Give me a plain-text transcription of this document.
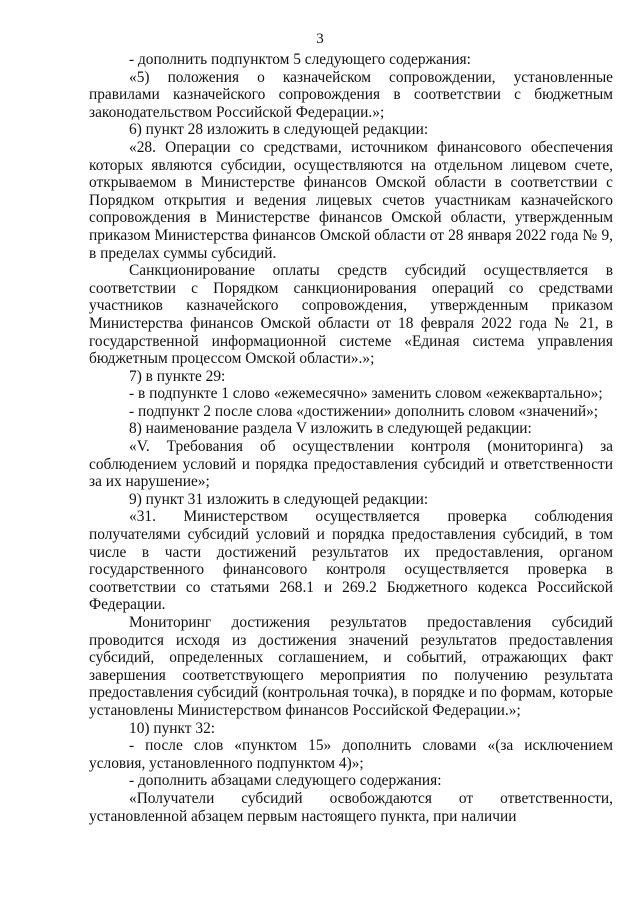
3

- дополнить подпунктом 5 следующего содержания:

«5) положения о казначейском сопровождении, установленные правилами казначейского сопровождения в соответствии с бюджетным законодательством Российской Федерации.»;

6) пункт 28 изложить в следующей редакции:

«28. Операции со средствами, источником финансового обеспечения которых являются субсидии, осуществляются на отдельном лицевом счете, открываемом в Министерстве финансов Омской области в соответствии с Порядком открытия и ведения лицевых счетов участникам казначейского сопровождения в Министерстве финансов Омской области, утвержденным приказом Министерства финансов Омской области от 28 января 2022 года № 9, в пределах суммы субсидий.

Санкционирование оплаты средств субсидий осуществляется в соответствии с Порядком санкционирования операций со средствами участников казначейского сопровождения, утвержденным приказом Министерства финансов Омской области от 18 февраля 2022 года № 21, в государственной информационной системе «Единая система управления бюджетным процессом Омской области».»;

7) в пункте 29:

- в подпункте 1 слово «ежемесячно» заменить словом «ежеквартально»;

- подпункт 2 после слова «достижении» дополнить словом «значений»;

8) наименование раздела V изложить в следующей редакции:

«V. Требования об осуществлении контроля (мониторинга) за соблюдением условий и порядка предоставления субсидий и ответственности за их нарушение»;

9) пункт 31 изложить в следующей редакции:

«31. Министерством осуществляется проверка соблюдения получателями субсидий условий и порядка предоставления субсидий, в том числе в части достижений результатов их предоставления, органом государственного финансового контроля осуществляется проверка в соответствии со статьями 268.1 и 269.2 Бюджетного кодекса Российской Федерации.

Мониторинг достижения результатов предоставления субсидий проводится исходя из достижения значений результатов предоставления субсидий, определенных соглашением, и событий, отражающих факт завершения соответствующего мероприятия по получению результата предоставления субсидий (контрольная точка), в порядке и по формам, которые установлены Министерством финансов Российской Федерации.»;

10) пункт 32:

- после слов «пунктом 15» дополнить словами «(за исключением условия, установленного подпунктом 4)»;

- дополнить абзацами следующего содержания:

«Получатели субсидий освобождаются от ответственности, установленной абзацем первым настоящего пункта, при наличии
